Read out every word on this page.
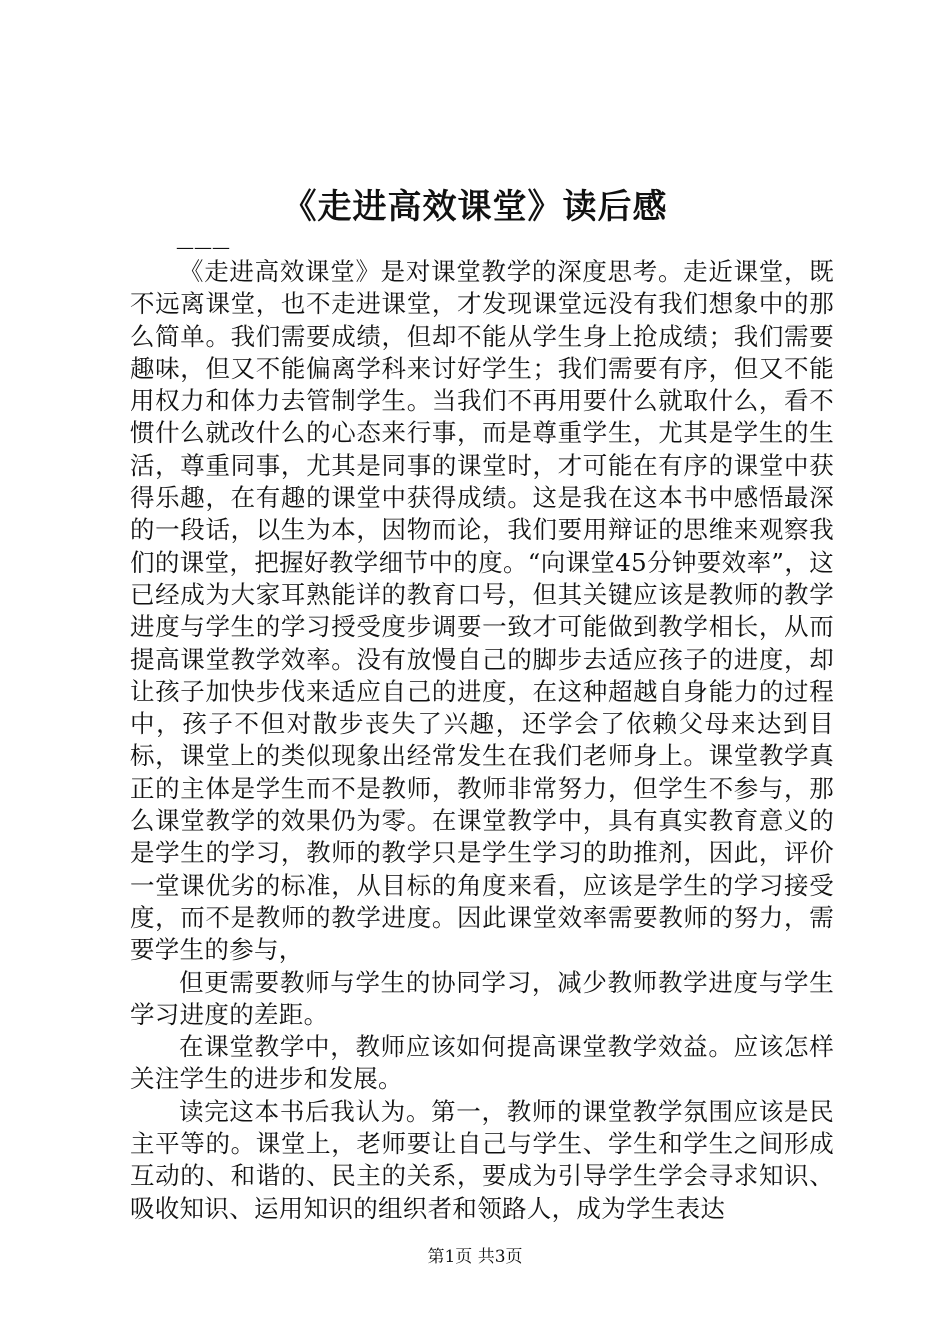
《走进高效课堂》读后感

———

《走进高效课堂》是对课堂教学的深度思考。走近课堂，既不远离课堂，也不走进课堂，才发现课堂远没有我们想象中的那么简单。我们需要成绩，但却不能从学生身上抢成绩；我们需要趣味，但又不能偏离学科来讨好学生；我们需要有序，但又不能用权力和体力去管制学生。当我们不再用要什么就取什么，看不惯什么就改什么的心态来行事，而是尊重学生，尤其是学生的生活，尊重同事，尤其是同事的课堂时，才可能在有序的课堂中获得乐趣，在有趣的课堂中获得成绩。这是我在这本书中感悟最深的一段话，以生为本，因物而论，我们要用辩证的思维来观察我们的课堂，把握好教学细节中的度。“向课堂45分钟要效率”，这已经成为大家耳熟能详的教育口号，但其关键应该是教师的教学进度与学生的学习授受度步调要一致才可能做到教学相长，从而提高课堂教学效率。没有放慢自己的脚步去适应孩子的进度，却让孩子加快步伐来适应自己的进度，在这种超越自身能力的过程中，孩子不但对散步丧失了兴趣，还学会了依赖父母来达到目标，课堂上的类似现象出经常发生在我们老师身上。课堂教学真正的主体是学生而不是教师，教师非常努力，但学生不参与，那么课堂教学的效果仍为零。在课堂教学中，具有真实教育意义的是学生的学习，教师的教学只是学生学习的助推剂，因此，评价一堂课优劣的标准，从目标的角度来看，应该是学生的学习接受度，而不是教师的教学进度。因此课堂效率需要教师的努力，需要学生的参与，

但更需要教师与学生的协同学习，减少教师教学进度与学生学习进度的差距。

在课堂教学中，教师应该如何提高课堂教学效益。应该怎样关注学生的进步和发展。

读完这本书后我认为。第一，教师的课堂教学氛围应该是民主平等的。课堂上，老师要让自己与学生、学生和学生之间形成互动的、和谐的、民主的关系，要成为引导学生学会寻求知识、吸收知识、运用知识的组织者和领路人，成为学生表达

第1页 共3页
